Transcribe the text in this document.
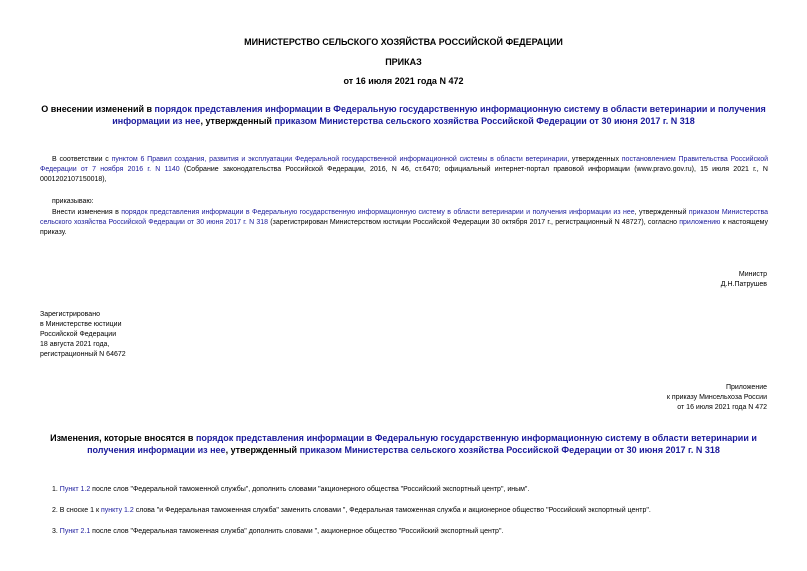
МИНИСТЕРСТВО СЕЛЬСКОГО ХОЗЯЙСТВА РОССИЙСКОЙ ФЕДЕРАЦИИ
ПРИКАЗ
от 16 июля 2021 года N 472
О внесении изменений в порядок представления информации в Федеральную государственную информационную систему в области ветеринарии и получения информации из нее, утвержденный приказом Министерства сельского хозяйства Российской Федерации от 30 июня 2017 г. N 318
В соответствии с пунктом 6 Правил создания, развития и эксплуатации Федеральной государственной информационной системы в области ветеринарии, утвержденных постановлением Правительства Российской Федерации от 7 ноября 2016 г. N 1140 (Собрание законодательства Российской Федерации, 2016, N 46, ст.6470; официальный интернет-портал правовой информации (www.pravo.gov.ru), 15 июля 2021 г., N 0001202107150018),
приказываю:
Внести изменения в порядок представления информации в Федеральную государственную информационную систему в области ветеринарии и получения информации из нее, утвержденный приказом Министерства сельского хозяйства Российской Федерации от 30 июня 2017 г. N 318 (зарегистрирован Министерством юстиции Российской Федерации 30 октября 2017 г., регистрационный N 48727), согласно приложению к настоящему приказу.
Министр
Д.Н.Патрушев
Зарегистрировано
в Министерстве юстиции
Российской Федерации
18 августа 2021 года,
регистрационный N 64672
Приложение
к приказу Минсельхоза России
от 16 июля 2021 года N 472
Изменения, которые вносятся в порядок представления информации в Федеральную государственную информационную систему в области ветеринарии и получения информации из нее, утвержденный приказом Министерства сельского хозяйства Российской Федерации от 30 июня 2017 г. N 318
1. Пункт 1.2 после слов "Федеральной таможенной службы", дополнить словами "акционерного общества "Российский экспортный центр", иным".
2. В сноске 1 к пункту 1.2 слова "и Федеральная таможенная служба" заменить словами ", Федеральная таможенная служба и акционерное общество "Российский экспортный центр".
3. Пункт 2.1 после слов "Федеральная таможенная служба" дополнить словами ", акционерное общество "Российский экспортный центр".
